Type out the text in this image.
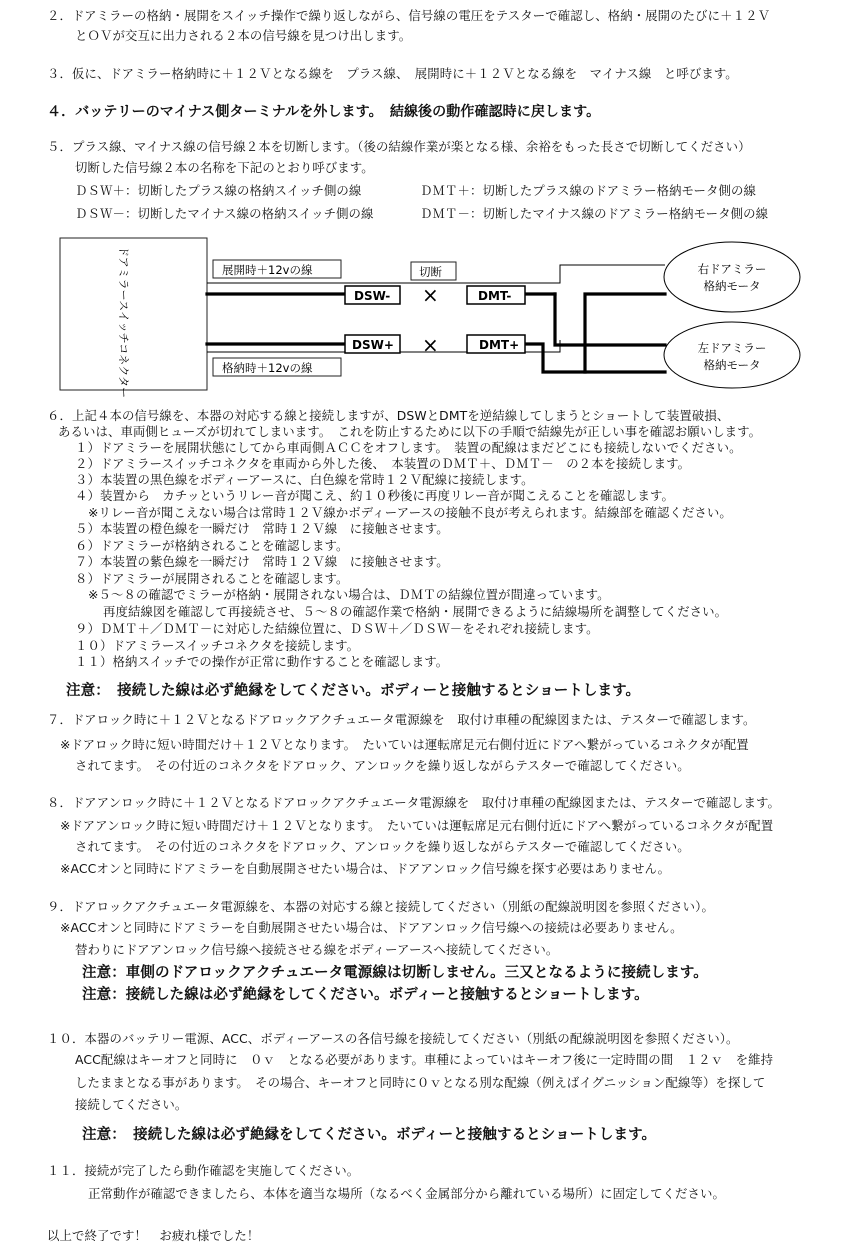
２．ドアミラーの格納・展開をスイッチ操作で繰り返しながら、信号線の電圧をテスターで確認し、格納・展開のたびに＋１２Ｖ
とＯＶが交互に出力される２本の信号線を見つけ出します。
３．仮に、ドアミラー格納時に＋１２Ｖとなる線を　プラス線、　展開時に＋１２Ｖとなる線を　マイナス線　と呼びます。
４．バッテリーのマイナス側ターミナルを外します。　結線後の動作確認時に戻します。
５．プラス線、マイナス線の信号線２本を切断します。（後の結線作業が楽となる様、余裕をもった長さで切断してください）
切断した信号線２本の名称を下記のとおり呼びます。
ＤＳＷ＋：切断したプラス線の格納スイッチ側の線	ＤＭＴ＋：切断したプラス線のドアミラー格納モータ側の線
ＤＳＷ－：切断したマイナス線の格納スイッチ側の線	ＤＭＴ－：切断したマイナス線のドアミラー格納モータ側の線
ドアミラースイッチコネクター	展開時＋12vの線
格納時＋12vの線
切断
DSW-	DMT-
DSW+	DMT+
×
×
右ドアミラー
格納モータ
左ドアミラー
格納モータ
６．上記４本の信号線を、本器の対応する線と接続しますが、DSWとDMTを逆結線してしまうとショートして装置破損、
あるいは、車両側ヒューズが切れてしまいます。　これを防止するために以下の手順で結線先が正しい事を確認お願いします。
１）ドアミラーを展開状態にしてから車両側ＡＣＣをオフします。　装置の配線はまだどこにも接続しないでください。
２）ドアミラースイッチコネクタを車両から外した後、　本装置のＤＭＴ＋、ＤＭＴ－　の２本を接続します。
３）本装置の黒色線をボディーアースに、白色線を常時１２Ｖ配線に接続します。
４）装置から　カチッというリレー音が聞こえ、約１０秒後に再度リレー音が聞こえることを確認します。
※リレー音が聞こえない場合は常時１２Ｖ線かボディーアースの接触不良が考えられます。結線部を確認ください。
５）本装置の橙色線を一瞬だけ　常時１２Ｖ線　に接触させます。
６）ドアミラーが格納されることを確認します。
７）本装置の紫色線を一瞬だけ　常時１２Ｖ線　に接触させます。
８）ドアミラーが展開されることを確認します。
※５～８の確認でミラーが格納・展開されない場合は、ＤＭＴの結線位置が間違っています。
再度結線図を確認して再接続させ、５～８の確認作業で格納・展開できるように結線場所を調整してください。
９）ＤＭＴ＋／ＤＭＴ－に対応した結線位置に、ＤＳＷ＋／ＤＳＷ－をそれぞれ接続します。
１０）ドアミラースイッチコネクタを接続します。
１１）格納スイッチでの操作が正常に動作することを確認します。
注意：　接続した線は必ず絶縁をしてください。ボディーと接触するとショートします。
７．ドアロック時に＋１２Ｖとなるドアロックアクチュエータ電源線を　取付け車種の配線図または、テスターで確認します。
※ドアロック時に短い時間だけ＋１２Ｖとなります。　たいていは運転席足元右側付近にドアへ繋がっているコネクタが配置
されてます。　その付近のコネクタをドアロック、アンロックを繰り返しながらテスターで確認してください。
８．ドアアンロック時に＋１２Ｖとなるドアロックアクチュエータ電源線を　取付け車種の配線図または、テスターで確認します。
※ドアアンロック時に短い時間だけ＋１２Ｖとなります。　たいていは運転席足元右側付近にドアへ繋がっているコネクタが配置
されてます。　その付近のコネクタをドアロック、アンロックを繰り返しながらテスターで確認してください。
※ACCオンと同時にドアミラーを自動展開させたい場合は、ドアアンロック信号線を探す必要はありません。
９．ドアロックアクチュエータ電源線を、本器の対応する線と接続してください（別紙の配線説明図を参照ください）。
※ACCオンと同時にドアミラーを自動展開させたい場合は、ドアアンロック信号線への接続は必要ありません。
替わりにドアアンロック信号線へ接続させる線をボディーアースへ接続してください。
注意：車側のドアロックアクチュエータ電源線は切断しません。三又となるように接続します。
注意：接続した線は必ず絶縁をしてください。ボディーと接触するとショートします。
１０．本器のバッテリー電源、ACC、ボディーアースの各信号線を接続してください（別紙の配線説明図を参照ください）。
ACC配線はキーオフと同時に　０ｖ　となる必要があります。車種によっていはキーオフ後に一定時間の間　１２ｖ　を維持
したままとなる事があります。　その場合、キーオフと同時に０ｖとなる別な配線（例えばイグニッション配線等）を探して
接続してください。
注意：　接続した線は必ず絶縁をしてください。ボディーと接触するとショートします。
１１．接続が完了したら動作確認を実施してください。
正常動作が確認できましたら、本体を適当な場所（なるべく金属部分から離れている場所）に固定してください。
以上で終了です！　お疲れ様でした！
